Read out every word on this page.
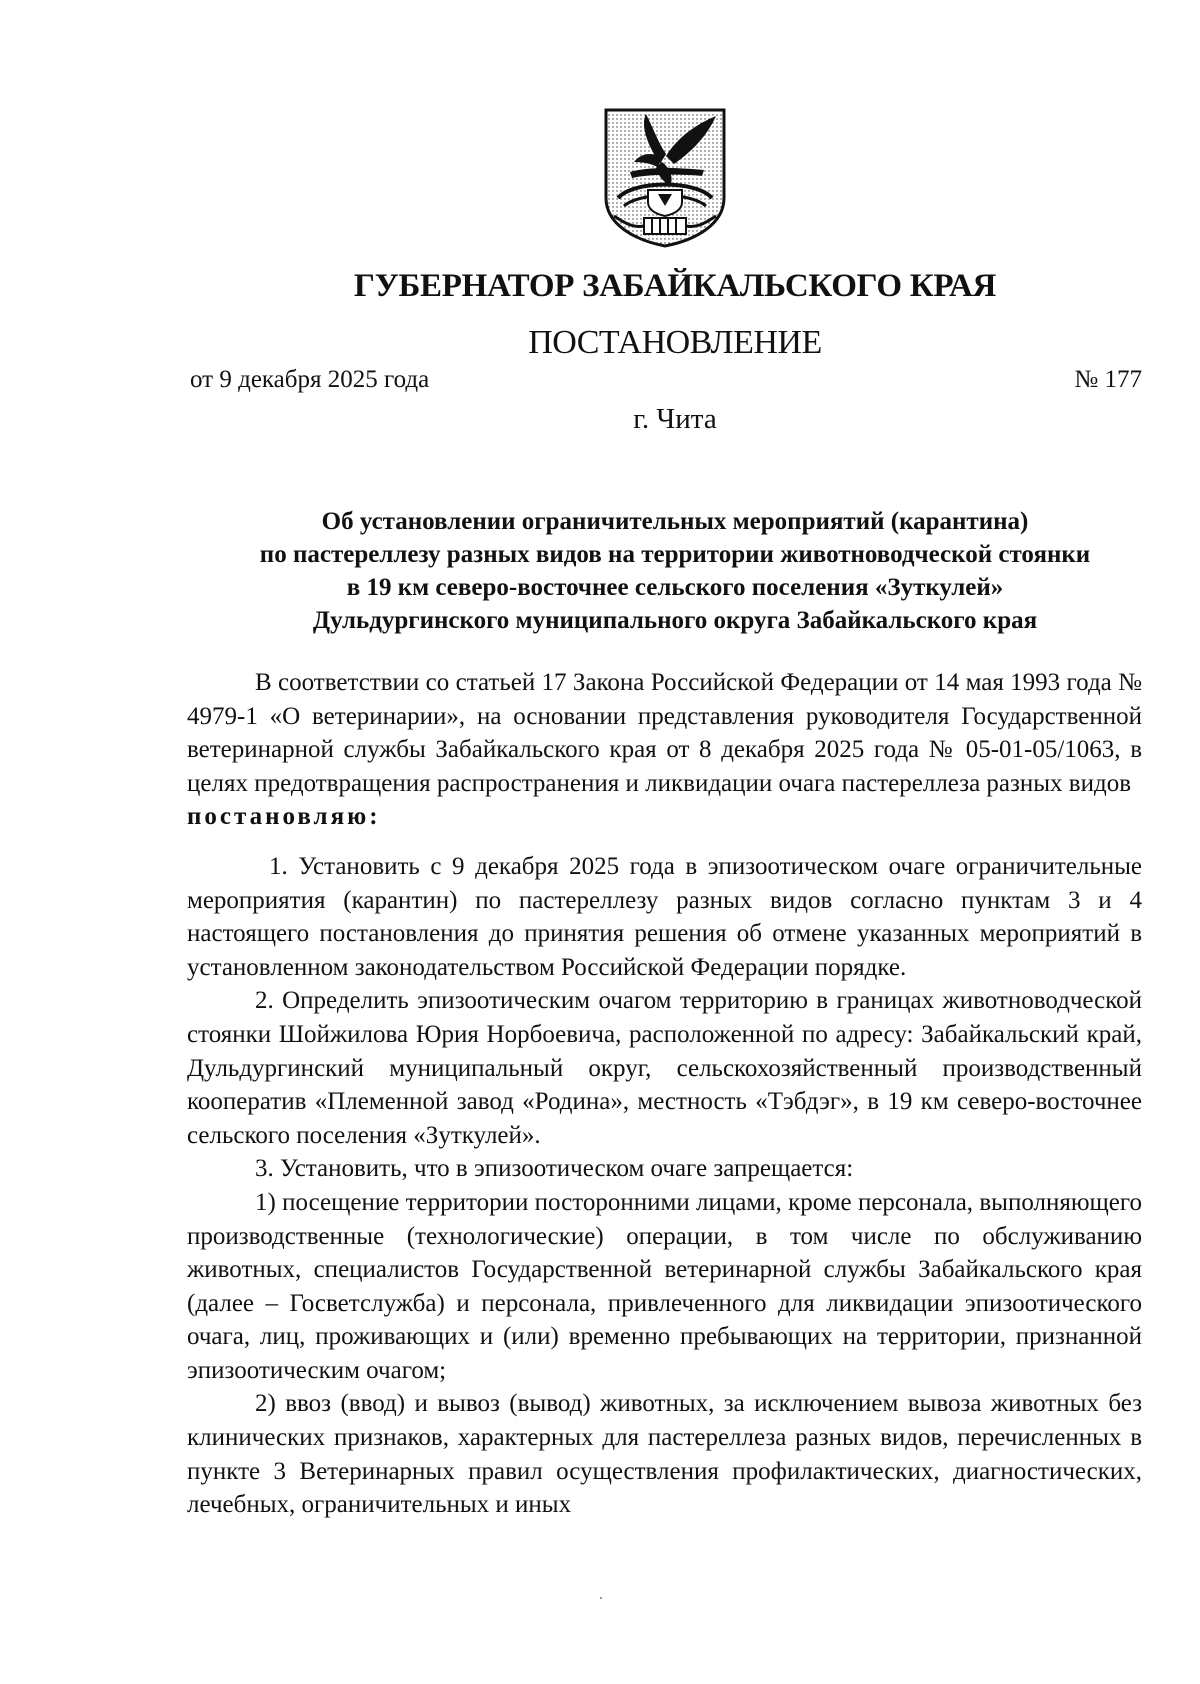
ГУБЕРНАТОР ЗАБАЙКАЛЬСКОГО КРАЯ
ПОСТАНОВЛЕНИЕ
от 9 декабря 2025 года	№ 177
г. Чита
Об установлении ограничительных мероприятий (карантина)
по пастереллезу разных видов на территории животноводческой стоянки
в 19 км северо-восточнее сельского поселения «Зуткулей»
Дульдургинского муниципального округа Забайкальского края

В соответствии со статьей 17 Закона Российской Федерации от 14 мая 1993 года № 4979-1 «О ветеринарии», на основании представления руководителя Государственной ветеринарной службы Забайкальского края от 8 декабря 2025 года № 05-01-05/1063, в целях предотвращения распространения и ликвидации очага пастереллеза разных видов
постановляю:

1. Установить с 9 декабря 2025 года в эпизоотическом очаге ограничительные мероприятия (карантин) по пастереллезу разных видов согласно пунктам 3 и 4 настоящего постановления до принятия решения об отмене указанных мероприятий в установленном законодательством Российской Федерации порядке.

2. Определить эпизоотическим очагом территорию в границах животноводческой стоянки Шойжилова Юрия Норбоевича, расположенной по адресу: Забайкальский край, Дульдургинский муниципальный округ, сельскохозяйственный производственный кооператив «Племенной завод «Родина», местность «Тэбдэг», в 19 км северо-восточнее сельского поселения «Зуткулей».

3. Установить, что в эпизоотическом очаге запрещается:

1) посещение территории посторонними лицами, кроме персонала, выполняющего производственные (технологические) операции, в том числе по обслуживанию животных, специалистов Государственной ветеринарной службы Забайкальского края (далее – Госветслужба) и персонала, привлеченного для ликвидации эпизоотического очага, лиц, проживающих и (или) временно пребывающих на территории, признанной эпизоотическим очагом;

2) ввоз (ввод) и вывоз (вывод) животных, за исключением вывоза животных без клинических признаков, характерных для пастереллеза разных видов, перечисленных в пункте 3 Ветеринарных правил осуществления профилактических, диагностических, лечебных, ограничительных и иных
